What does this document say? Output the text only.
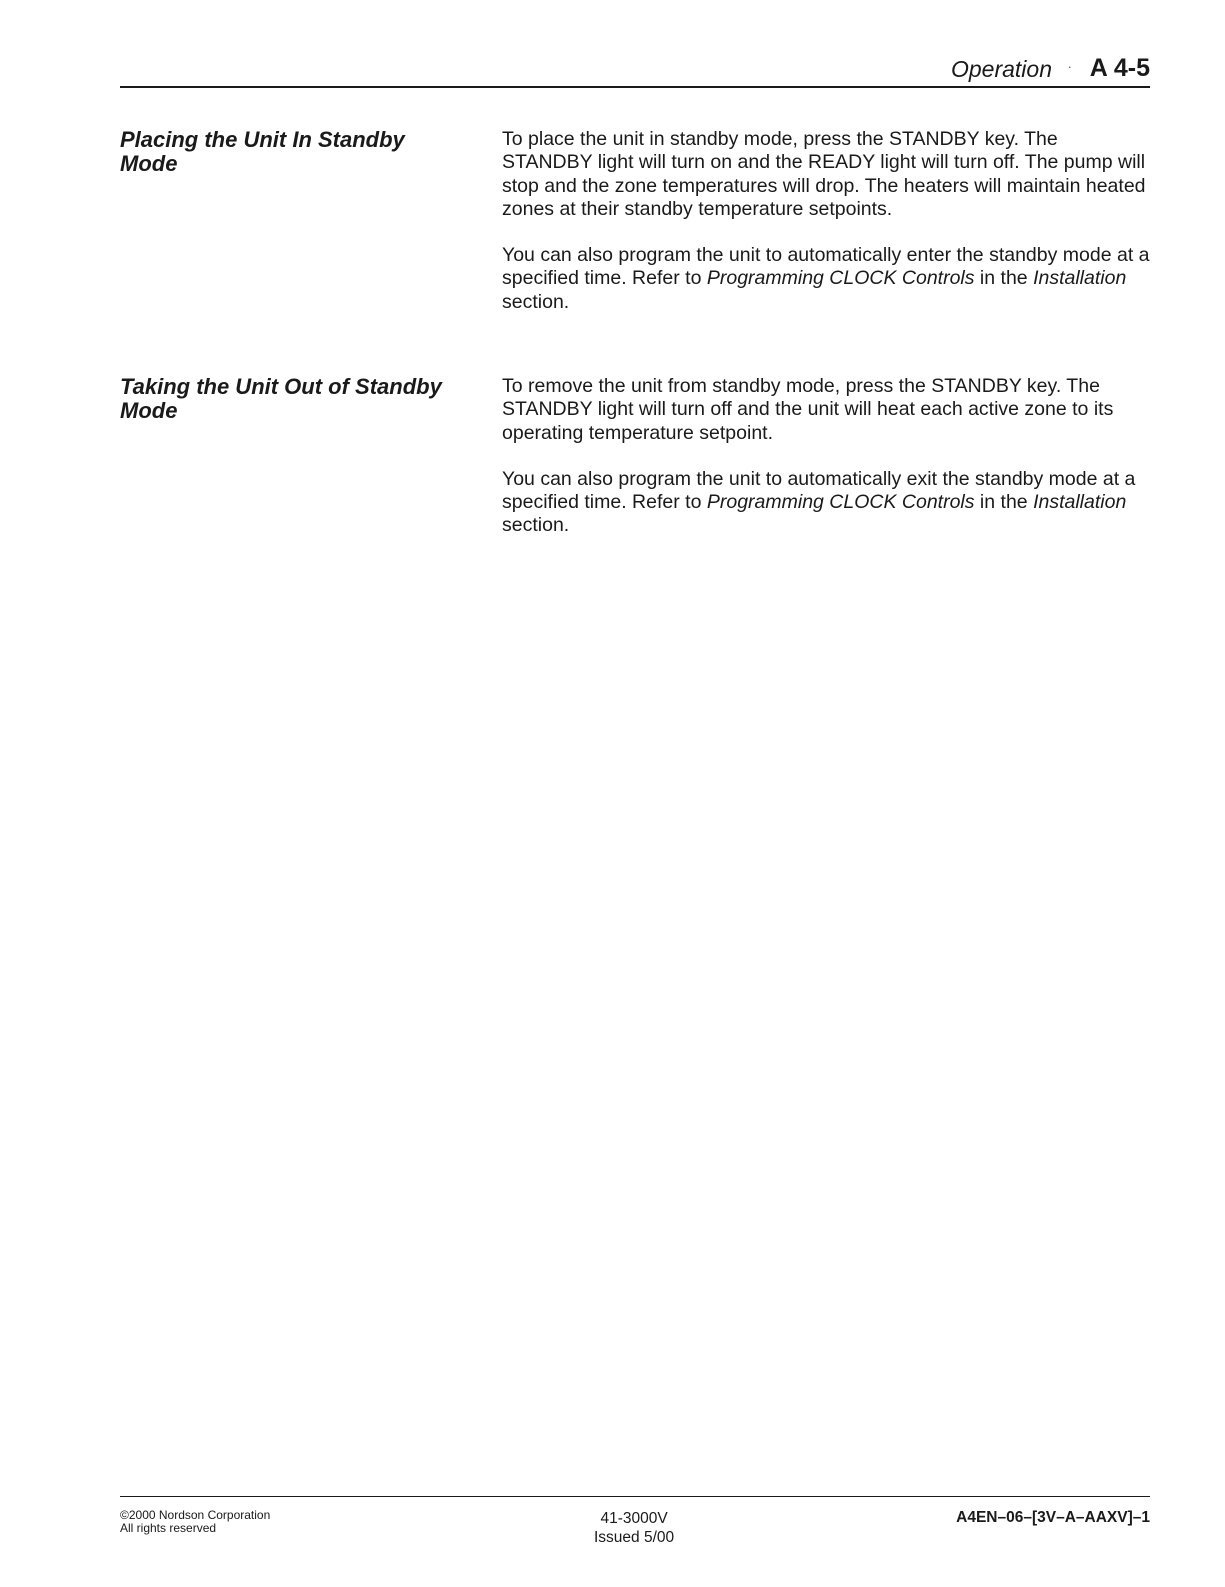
Operation · A 4-5
Placing the Unit In Standby
Mode

To place the unit in standby mode, press the STANDBY key. The STANDBY light will turn on and the READY light will turn off. The pump will stop and the zone temperatures will drop. The heaters will maintain heated zones at their standby temperature setpoints.

You can also program the unit to automatically enter the standby mode at a specified time. Refer to Programming CLOCK Controls in the Installation section.

Taking the Unit Out of Standby
Mode

To remove the unit from standby mode, press the STANDBY key. The STANDBY light will turn off and the unit will heat each active zone to its operating temperature setpoint.

You can also program the unit to automatically exit the standby mode at a specified time. Refer to Programming CLOCK Controls in the Installation section.

©2000 Nordson Corporation
All rights reserved
41-3000V
Issued 5/00
A4EN–06–[3V–A–AAXV]–1
